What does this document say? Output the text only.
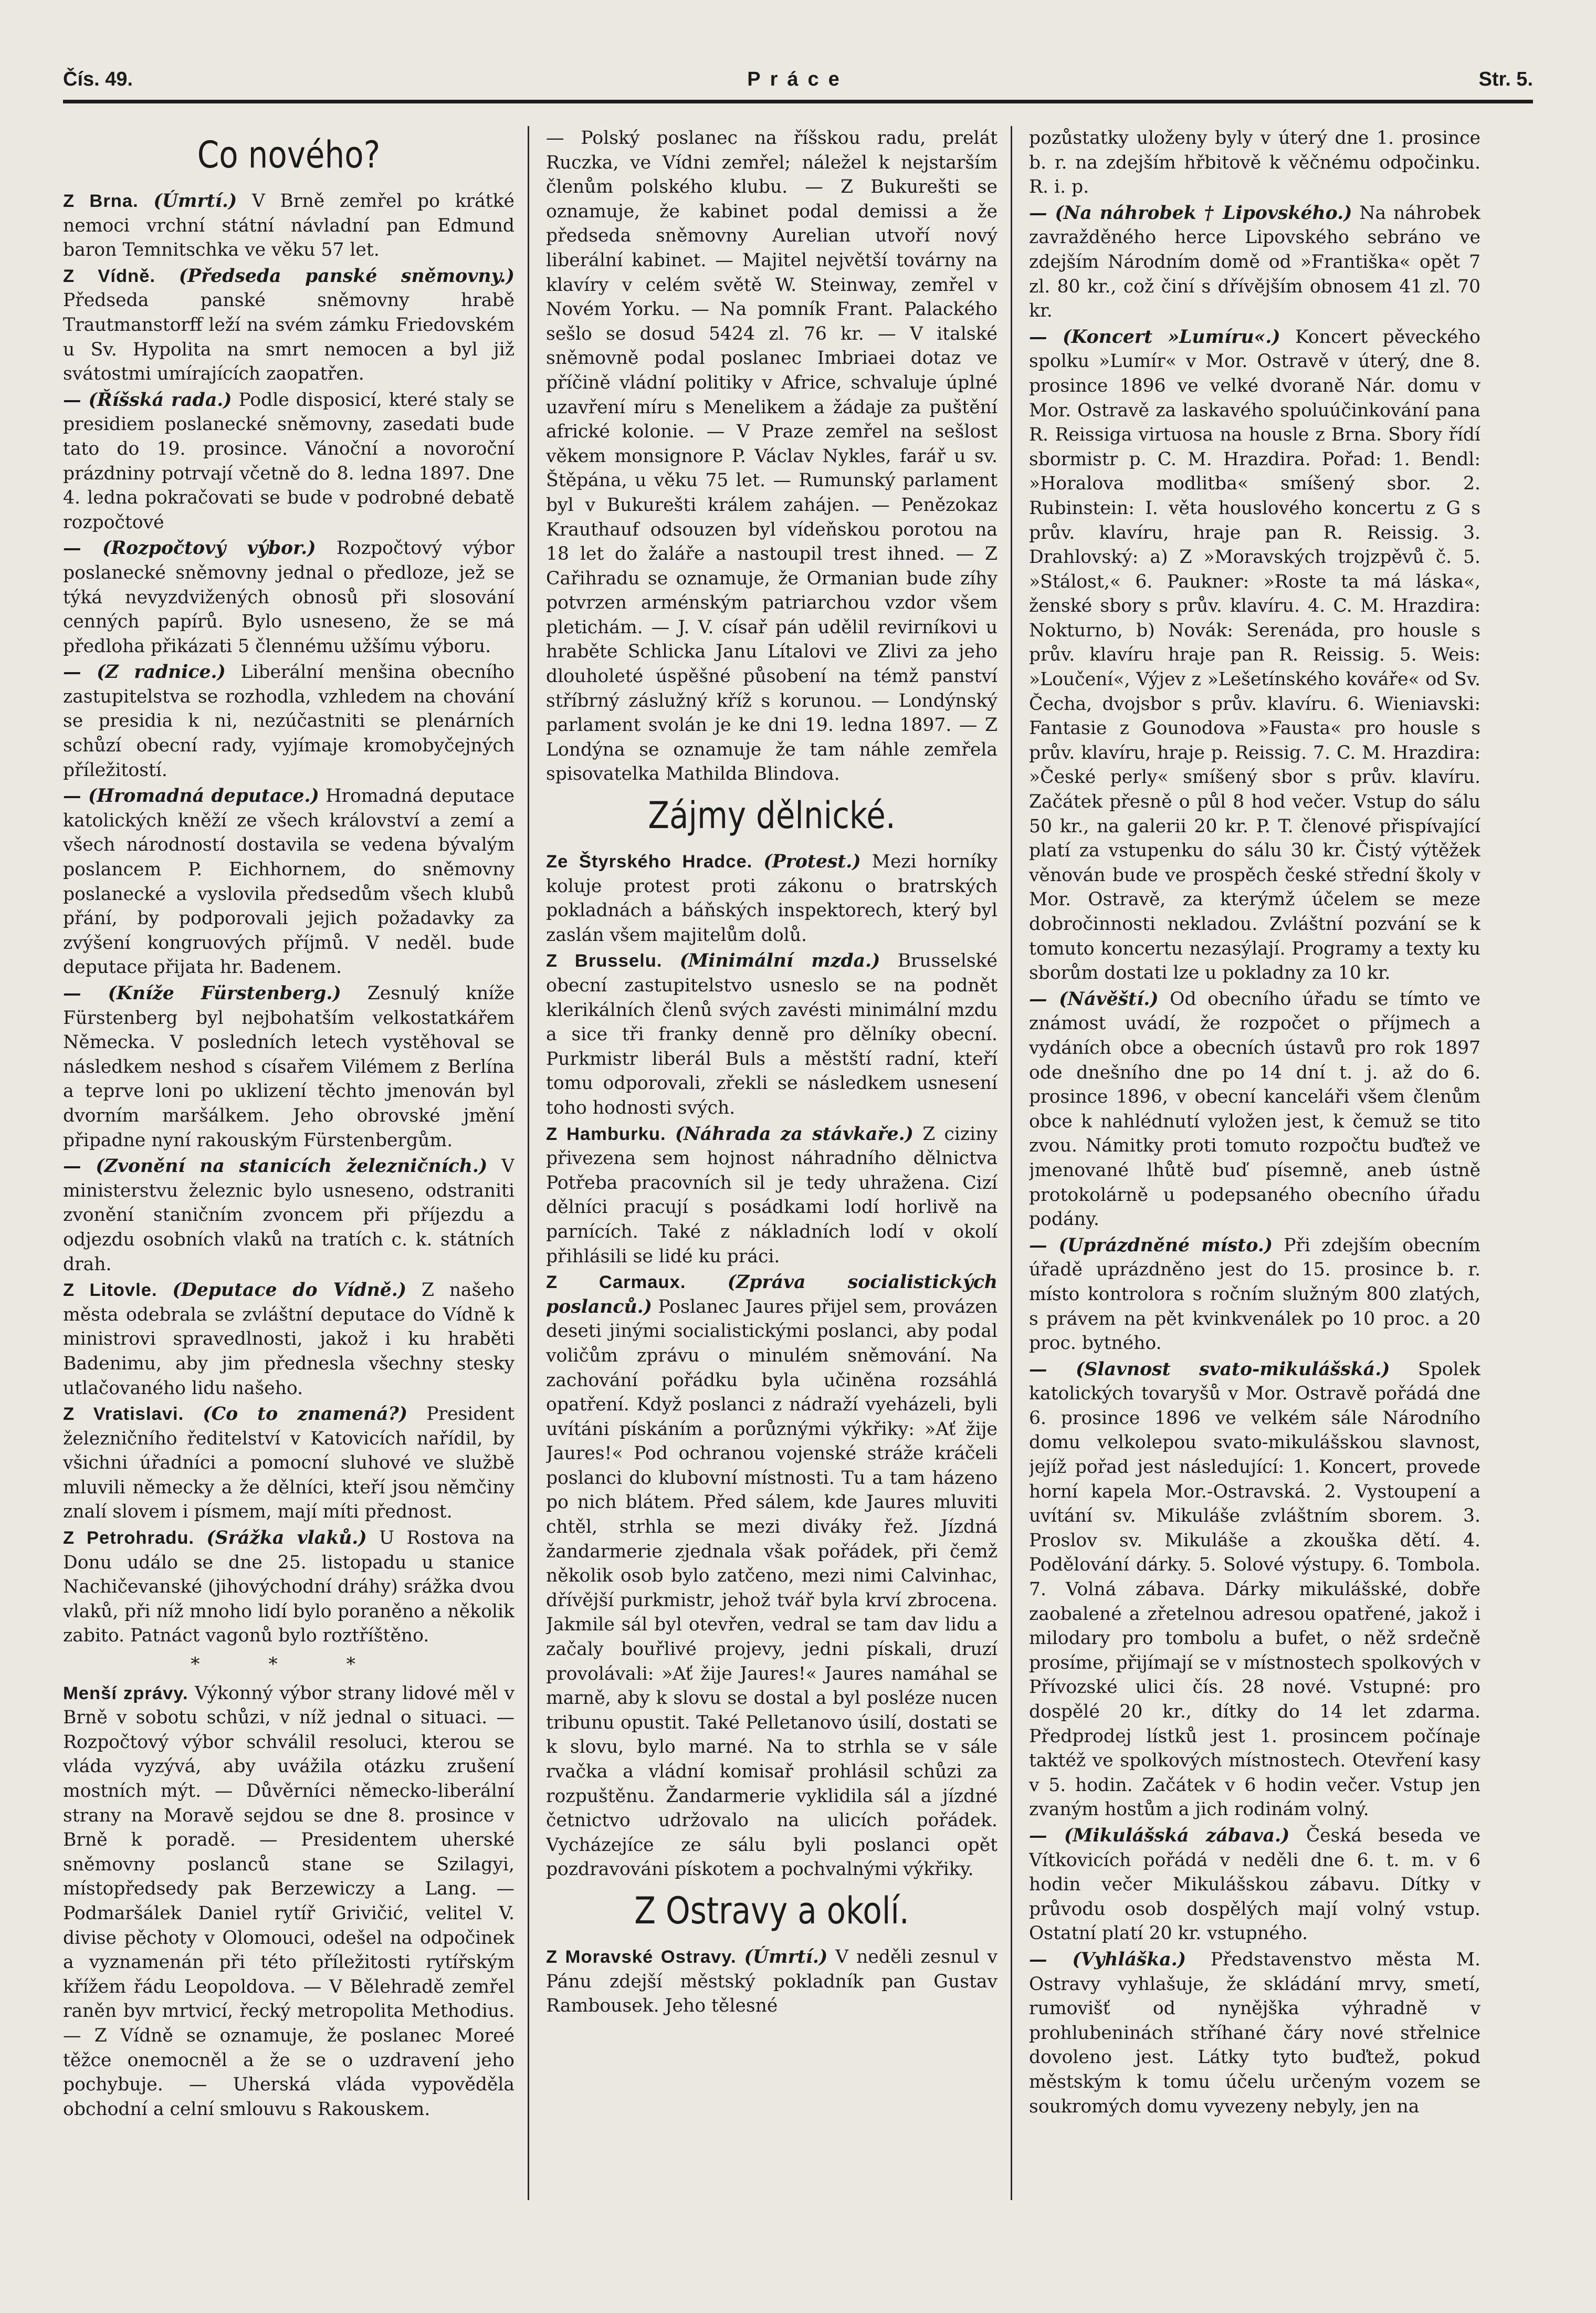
Čís. 49.	Práce	Str. 5.
Co nového?

Z Brna. (Úmrtí.) V Brně zemřel po krátké nemoci vrchní státní návladní pan Edmund baron Temnitschka ve věku 57 let.

Z Vídně. (Předseda panské sněmovny.) Předseda panské sněmovny hrabě Trautmanstorff leží na svém zámku Friedovském u Sv. Hypolita na smrt nemocen a byl již svátostmi umírajících zaopatřen.

— (Říšská rada.) Podle disposicí, které staly se presidiem poslanecké sněmovny, zasedati bude tato do 19. prosince. Vánoční a novoroční prázdniny potrvají včetně do 8. ledna 1897. Dne 4. ledna pokračovati se bude v podrobné debatě rozpočtové

— (Rozpočtový výbor.) Rozpočtový výbor poslanecké sněmovny jednal o předloze, jež se týká nevyzdvižených obnosů při slosování cenných papírů. Bylo usneseno, že se má předloha přikázati 5 člennému užšímu výboru.

— (Z radnice.) Liberální menšina obecního zastupitelstva se rozhodla, vzhledem na chování se presidia k ni, nezúčastniti se plenárních schůzí obecní rady, vyjímaje kromobyčejných příležitostí.

— (Hromadná deputace.) Hromadná deputace katolických kněží ze všech království a zemí a všech národností dostavila se vedena bývalým poslancem P. Eichhornem, do sněmovny poslanecké a vyslovila předsedům všech klubů přání, by podporovali jejich požadavky za zvýšení kongruových příjmů. V neděl. bude deputace přijata hr. Badenem.

— (Kníže Fürstenberg.) Zesnulý kníže Fürstenberg byl nejbohatším velkostatkářem Německa. V posledních letech vystěhoval se následkem neshod s císařem Vilémem z Berlína a teprve loni po uklizení těchto jmenován byl dvorním maršálkem. Jeho obrovské jmění připadne nyní rakouským Fürstenbergům.

— (Zvonění na stanicích železničních.) V ministerstvu železnic bylo usneseno, odstraniti zvonění staničním zvoncem při příjezdu a odjezdu osobních vlaků na tratích c. k. státních drah.

Z Litovle. (Deputace do Vídně.) Z našeho města odebrala se zvláštní deputace do Vídně k ministrovi spravedlnosti, jakož i ku hraběti Badenimu, aby jim přednesla všechny stesky utlačovaného lidu našeho.

Z Vratislavi. (Co to znamená?) President železničního ředitelství v Katovicích nařídil, by všichni úřadníci a pomocní sluhové ve službě mluvili německy a že dělníci, kteří jsou němčiny znalí slovem i písmem, mají míti přednost.

Z Petrohradu. (Srážka vlaků.) U Rostova na Donu událo se dne 25. listopadu u stanice Nachičevanské (jihovýchodní dráhy) srážka dvou vlaků, při níž mnoho lidí bylo poraněno a několik zabito. Patnáct vagonů bylo roztříštěno.

* * *

Menší zprávy. Výkonný výbor strany lidové měl v Brně v sobotu schůzi, v níž jednal o situaci. — Rozpočtový výbor schválil resoluci, kterou se vláda vyzývá, aby uvážila otázku zrušení mostních mýt. — Důvěrníci německo-liberální strany na Moravě sejdou se dne 8. prosince v Brně k poradě. — Presidentem uherské sněmovny poslanců stane se Szilagyi, místopředsedy pak Berzewiczy a Lang. — Podmaršálek Daniel rytíř Grivičić, velitel V. divise pěchoty v Olomouci, odešel na odpočinek a vyznamenán při této příležitosti rytířským křížem řádu Leopoldova. — V Bělehradě zemřel raněn byv mrtvicí, řecký metropolita Methodius. — Z Vídně se oznamuje, že poslanec Moreé těžce onemocněl a že se o uzdravení jeho pochybuje. — Uherská vláda vypověděla obchodní a celní smlouvu s Rakouskem.

— Polský poslanec na říšskou radu, prelát Ruczka, ve Vídni zemřel; náležel k nejstarším členům polského klubu. — Z Bukurešti se oznamuje, že kabinet podal demissi a že předseda sněmovny Aurelian utvoří nový liberální kabinet. — Majitel největší továrny na klavíry v celém světě W. Steinway, zemřel v Novém Yorku. — Na pomník Frant. Palackého sešlo se dosud 5424 zl. 76 kr. — V italské sněmovně podal poslanec Imbriaei dotaz ve příčině vládní politiky v Africe, schvaluje úplné uzavření míru s Menelikem a žádaje za puštění africké kolonie. — V Praze zemřel na sešlost věkem monsignore P. Václav Nykles, farář u sv. Štěpána, u věku 75 let. — Rumunský parlament byl v Bukurešti králem zahájen. — Penězokaz Krauthauf odsouzen byl vídeňskou porotou na 18 let do žaláře a nastoupil trest ihned. — Z Cařihradu se oznamuje, že Ormanian bude zíhy potvrzen arménským patriarchou vzdor všem pletichám. — J. V. císař pán udělil revirníkovi u hraběte Schlicka Janu Lítalovi ve Zlivi za jeho dlouholeté úspěšné působení na témž panství stříbrný záslužný kříž s korunou. — Londýnský parlament svolán je ke dni 19. ledna 1897. — Z Londýna se oznamuje že tam náhle zemřela spisovatelka Mathilda Blindova.

Zájmy dělnické.

Ze Štyrského Hradce. (Protest.) Mezi horníky koluje protest proti zákonu o bratrských pokladnách a báňských inspektorech, který byl zaslán všem majitelům dolů.

Z Brusselu. (Minimální mzda.) Brusselské obecní zastupitelstvo usneslo se na podnět klerikálních členů svých zavésti minimální mzdu a sice tři franky denně pro dělníky obecní. Purkmistr liberál Buls a městští radní, kteří tomu odporovali, zřekli se následkem usnesení toho hodnosti svých.

Z Hamburku. (Náhrada za stávkaře.) Z ciziny přivezena sem hojnost náhradního dělnictva Potřeba pracovních sil je tedy uhražena. Cizí dělníci pracují s posádkami lodí horlivě na parnících. Také z nákladních lodí v okolí přihlásili se lidé ku práci.

Z Carmaux. (Zpráva socialistických poslanců.) Poslanec Jaures přijel sem, provázen deseti jinými socialistickými poslanci, aby podal voličům zprávu o minulém sněmování. Na zachování pořádku byla učiněna rozsáhlá opatření. Když poslanci z nádraží vyeházeli, byli uvítáni pískáním a porůznými výkřiky: »Ať žije Jaures!« Pod ochranou vojenské stráže kráčeli poslanci do klubovní místnosti. Tu a tam házeno po nich blátem. Před sálem, kde Jaures mluviti chtěl, strhla se mezi diváky řež. Jízdná žandarmerie zjednala však pořádek, při čemž několik osob bylo zatčeno, mezi nimi Calvinhac, dřívější purkmistr, jehož tvář byla krví zbrocena. Jakmile sál byl otevřen, vedral se tam dav lidu a začaly bouřlivé projevy, jedni pískali, druzí provolávali: »Ať žije Jaures!« Jaures namáhal se marně, aby k slovu se dostal a byl posléze nucen tribunu opustit. Také Pelletanovo úsilí, dostati se k slovu, bylo marné. Na to strhla se v sále rvačka a vládní komisař prohlásil schůzi za rozpuštěnu. Žandarmerie vyklidila sál a jízdné četnictvo udržovalo na ulicích pořádek. Vycházejíce ze sálu byli poslanci opět pozdravováni pískotem a pochvalnými výkřiky.

Z Ostravy a okolí.

Z Moravské Ostravy. (Úmrtí.) V neděli zesnul v Pánu zdejší městský pokladník pan Gustav Rambousek. Jeho tělesné

pozůstatky uloženy byly v úterý dne 1. prosince b. r. na zdejším hřbitově k věčnému odpočinku. R. i. p.

— (Na náhrobek † Lipovského.) Na náhrobek zavražděného herce Lipovského sebráno ve zdejším Národním domě od »Františka« opět 7 zl. 80 kr., což činí s dřívějším obnosem 41 zl. 70 kr.

— (Koncert »Lumíru«.) Koncert pěveckého spolku »Lumír« v Mor. Ostravě v úterý, dne 8. prosince 1896 ve velké dvoraně Nár. domu v Mor. Ostravě za laskavého spoluúčinkování pana R. Reissiga virtuosa na housle z Brna. Sbory řídí sbormistr p. C. M. Hrazdira. Pořad: 1. Bendl: »Horalova modlitba« smíšený sbor. 2. Rubinstein: I. věta houslového koncertu z G s prův. klavíru, hraje pan R. Reissig. 3. Drahlovský: a) Z »Moravských trojzpěvů č. 5. »Stálost,« 6. Paukner: »Roste ta má láska«, ženské sbory s prův. klavíru. 4. C. M. Hrazdira: Nokturno, b) Novák: Serenáda, pro housle s prův. klavíru hraje pan R. Reissig. 5. Weis: »Loučení«, Výjev z »Lešetínského kováře« od Sv. Čecha, dvojsbor s prův. klavíru. 6. Wieniavski: Fantasie z Gounodova »Fausta« pro housle s prův. klavíru, hraje p. Reissig. 7. C. M. Hrazdira: »České perly« smíšený sbor s prův. klavíru. Začátek přesně o půl 8 hod večer. Vstup do sálu 50 kr., na galerii 20 kr. P. T. členové přispívající platí za vstupenku do sálu 30 kr. Čistý výtěžek věnován bude ve prospěch české střední školy v Mor. Ostravě, za kterýmž účelem se meze dobročinnosti nekladou. Zvláštní pozvání se k tomuto koncertu nezasýlají. Programy a texty ku sborům dostati lze u pokladny za 10 kr.

— (Návěští.) Od obecního úřadu se tímto ve známost uvádí, že rozpočet o příjmech a vydáních obce a obecních ústavů pro rok 1897 ode dnešního dne po 14 dní t. j. až do 6. prosince 1896, v obecní kanceláři všem členům obce k nahlédnutí vyložen jest, k čemuž se tito zvou. Námitky proti tomuto rozpočtu buďtež ve jmenované lhůtě buď písemně, aneb ústně protokolárně u podepsaného obecního úřadu podány.

— (Uprázdněné místo.) Při zdejším obecním úřadě uprázdněno jest do 15. prosince b. r. místo kontrolora s ročním služným 800 zlatých, s právem na pět kvinkvenálek po 10 proc. a 20 proc. bytného.

— (Slavnost svato-mikulášská.) Spolek katolických tovaryšů v Mor. Ostravě pořádá dne 6. prosince 1896 ve velkém sále Národního domu velkolepou svato-mikulášskou slavnost, jejíž pořad jest následující: 1. Koncert, provede horní kapela Mor.-Ostravská. 2. Vystoupení a uvítání sv. Mikuláše zvláštním sborem. 3. Proslov sv. Mikuláše a zkouška dětí. 4. Podělování dárky. 5. Solové výstupy. 6. Tombola. 7. Volná zábava. Dárky mikulášské, dobře zaobalené a zřetelnou adresou opatřené, jakož i milodary pro tombolu a bufet, o něž srdečně prosíme, přijímají se v místnostech spolkových v Přívozské ulici čís. 28 nové. Vstupné: pro dospělé 20 kr., dítky do 14 let zdarma. Předprodej lístků jest 1. prosincem počínaje taktéž ve spolkových místnostech. Otevření kasy v 5. hodin. Začátek v 6 hodin večer. Vstup jen zvaným hostům a jich rodinám volný.

— (Mikulášská zábava.) Česká beseda ve Vítkovicích pořádá v neděli dne 6. t. m. v 6 hodin večer Mikulášskou zábavu. Dítky v průvodu osob dospělých mají volný vstup. Ostatní platí 20 kr. vstupného.

— (Vyhláška.) Představenstvo města M. Ostravy vyhlašuje, že skládání mrvy, smetí, rumovišť od nynějška výhradně v prohlubeninách stříhané čáry nové střelnice dovoleno jest. Látky tyto buďtež, pokud městským k tomu účelu určeným vozem se soukromých domu vyvezeny nebyly, jen na
